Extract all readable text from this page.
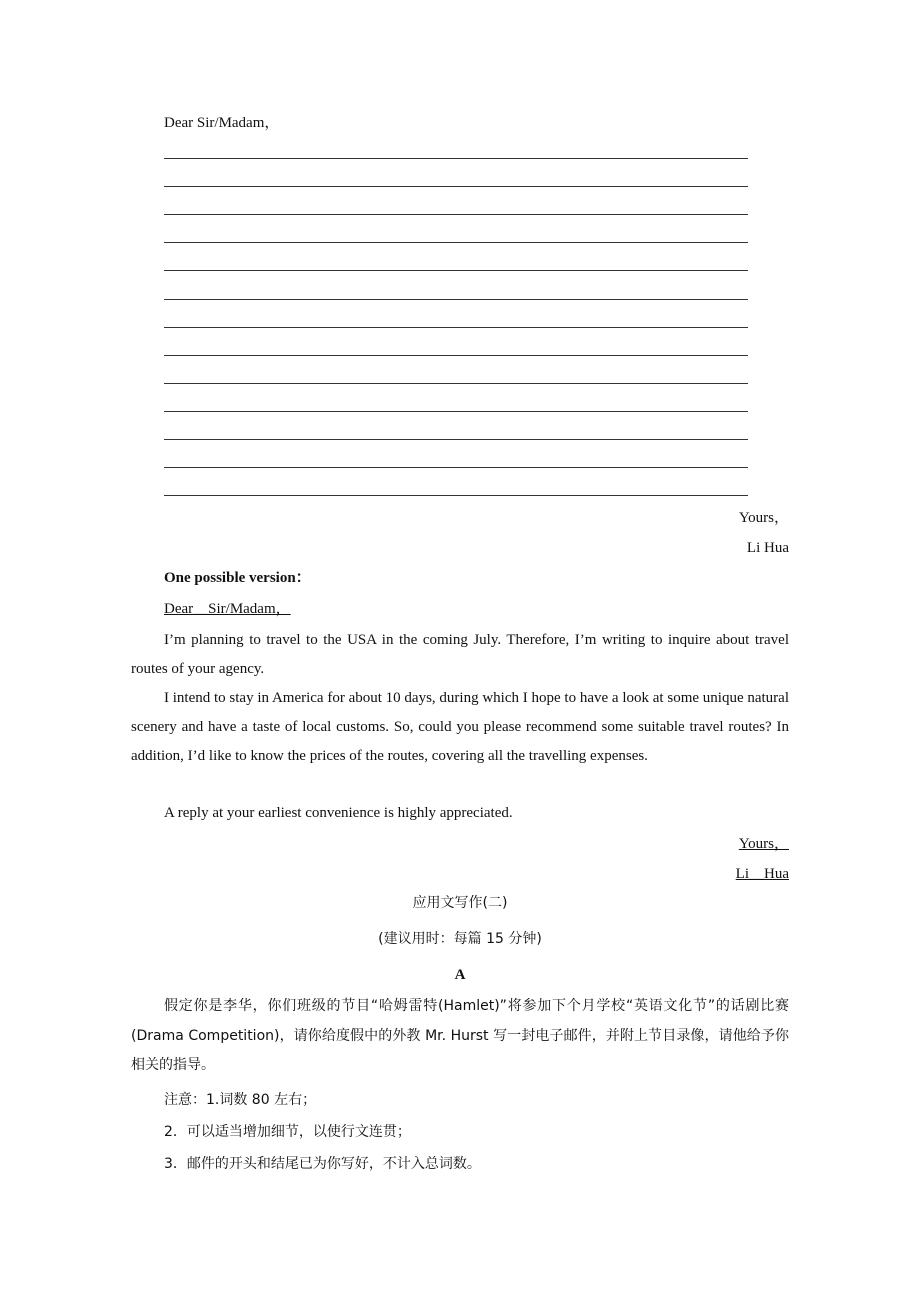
Dear Sir/Madam，
Yours，
Li Hua
One possible version：
Dear__Sir/Madam，
I’m planning to travel to the USA in the coming July. Therefore, I’m writing to inquire about travel routes of your agency.
I intend to stay in America for about 10 days, during which I hope to have a look at some unique natural scenery and have a taste of local customs. So, could you please recommend some suitable travel routes? In addition, I’d like to know the prices of the routes, covering all the travelling expenses.
A reply at your earliest convenience is highly appreciated.
Yours，
Li__Hua
应用文写作(二)
(建议用时：每篇 15 分钟)
A
假定你是李华，你们班级的节目“哈姆雷特(Hamlet)”将参加下个月学校“英语文化节”的话剧比赛(Drama Competition)，请你给度假中的外教 Mr. Hurst 写一封电子邮件，并附上节目录像，请他给予你相关的指导。
注意：1.词数 80 左右；
2．可以适当增加细节，以使行文连贯；
3．邮件的开头和结尾已为你写好，不计入总词数。
